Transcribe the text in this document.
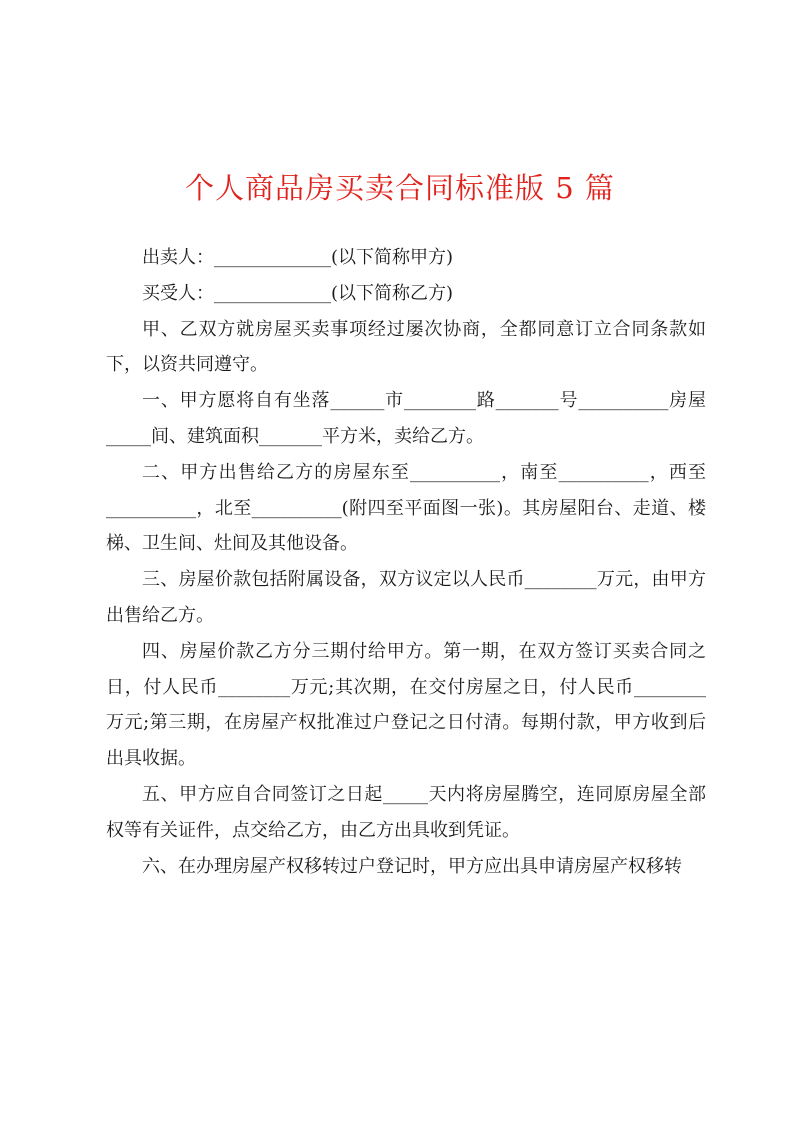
个人商品房买卖合同标准版 5 篇

出卖人：_____________(以下简称甲方)

买受人：_____________(以下简称乙方)

甲、乙双方就房屋买卖事项经过屡次协商，全都同意订立合同条款如下，以资共同遵守。

一、甲方愿将自有坐落______市________路_______号__________房屋_____间、建筑面积_______平方米，卖给乙方。

二、甲方出售给乙方的房屋东至__________，南至__________，西至__________，北至__________(附四至平面图一张)。其房屋阳台、走道、楼梯、卫生间、灶间及其他设备。

三、房屋价款包括附属设备，双方议定以人民币________万元，由甲方出售给乙方。

四、房屋价款乙方分三期付给甲方。第一期，在双方签订买卖合同之日，付人民币________万元;其次期，在交付房屋之日，付人民币________万元;第三期，在房屋产权批准过户登记之日付清。每期付款，甲方收到后出具收据。

五、甲方应自合同签订之日起_____天内将房屋腾空，连同原房屋全部权等有关证件，点交给乙方，由乙方出具收到凭证。

六、在办理房屋产权移转过户登记时，甲方应出具申请房屋产权移转
